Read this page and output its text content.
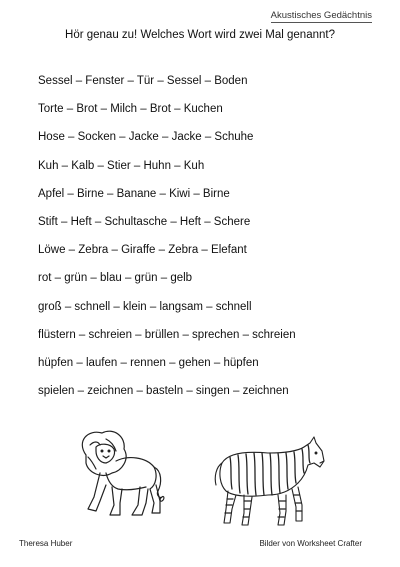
Akustisches Gedächtnis
Hör genau zu! Welches Wort wird zwei Mal genannt?
Sessel – Fenster – Tür – Sessel – Boden
Torte – Brot – Milch – Brot – Kuchen
Hose – Socken – Jacke – Jacke – Schuhe
Kuh – Kalb – Stier – Huhn – Kuh
Apfel – Birne – Banane – Kiwi – Birne
Stift – Heft – Schultasche – Heft – Schere
Löwe – Zebra – Giraffe – Zebra – Elefant
rot – grün – blau – grün – gelb
groß – schnell – klein – langsam – schnell
flüstern – schreien – brüllen – sprechen – schreien
hüpfen – laufen – rennen – gehen – hüpfen
spielen – zeichnen – basteln – singen – zeichnen
Theresa Huber	Bilder von Worksheet Crafter
